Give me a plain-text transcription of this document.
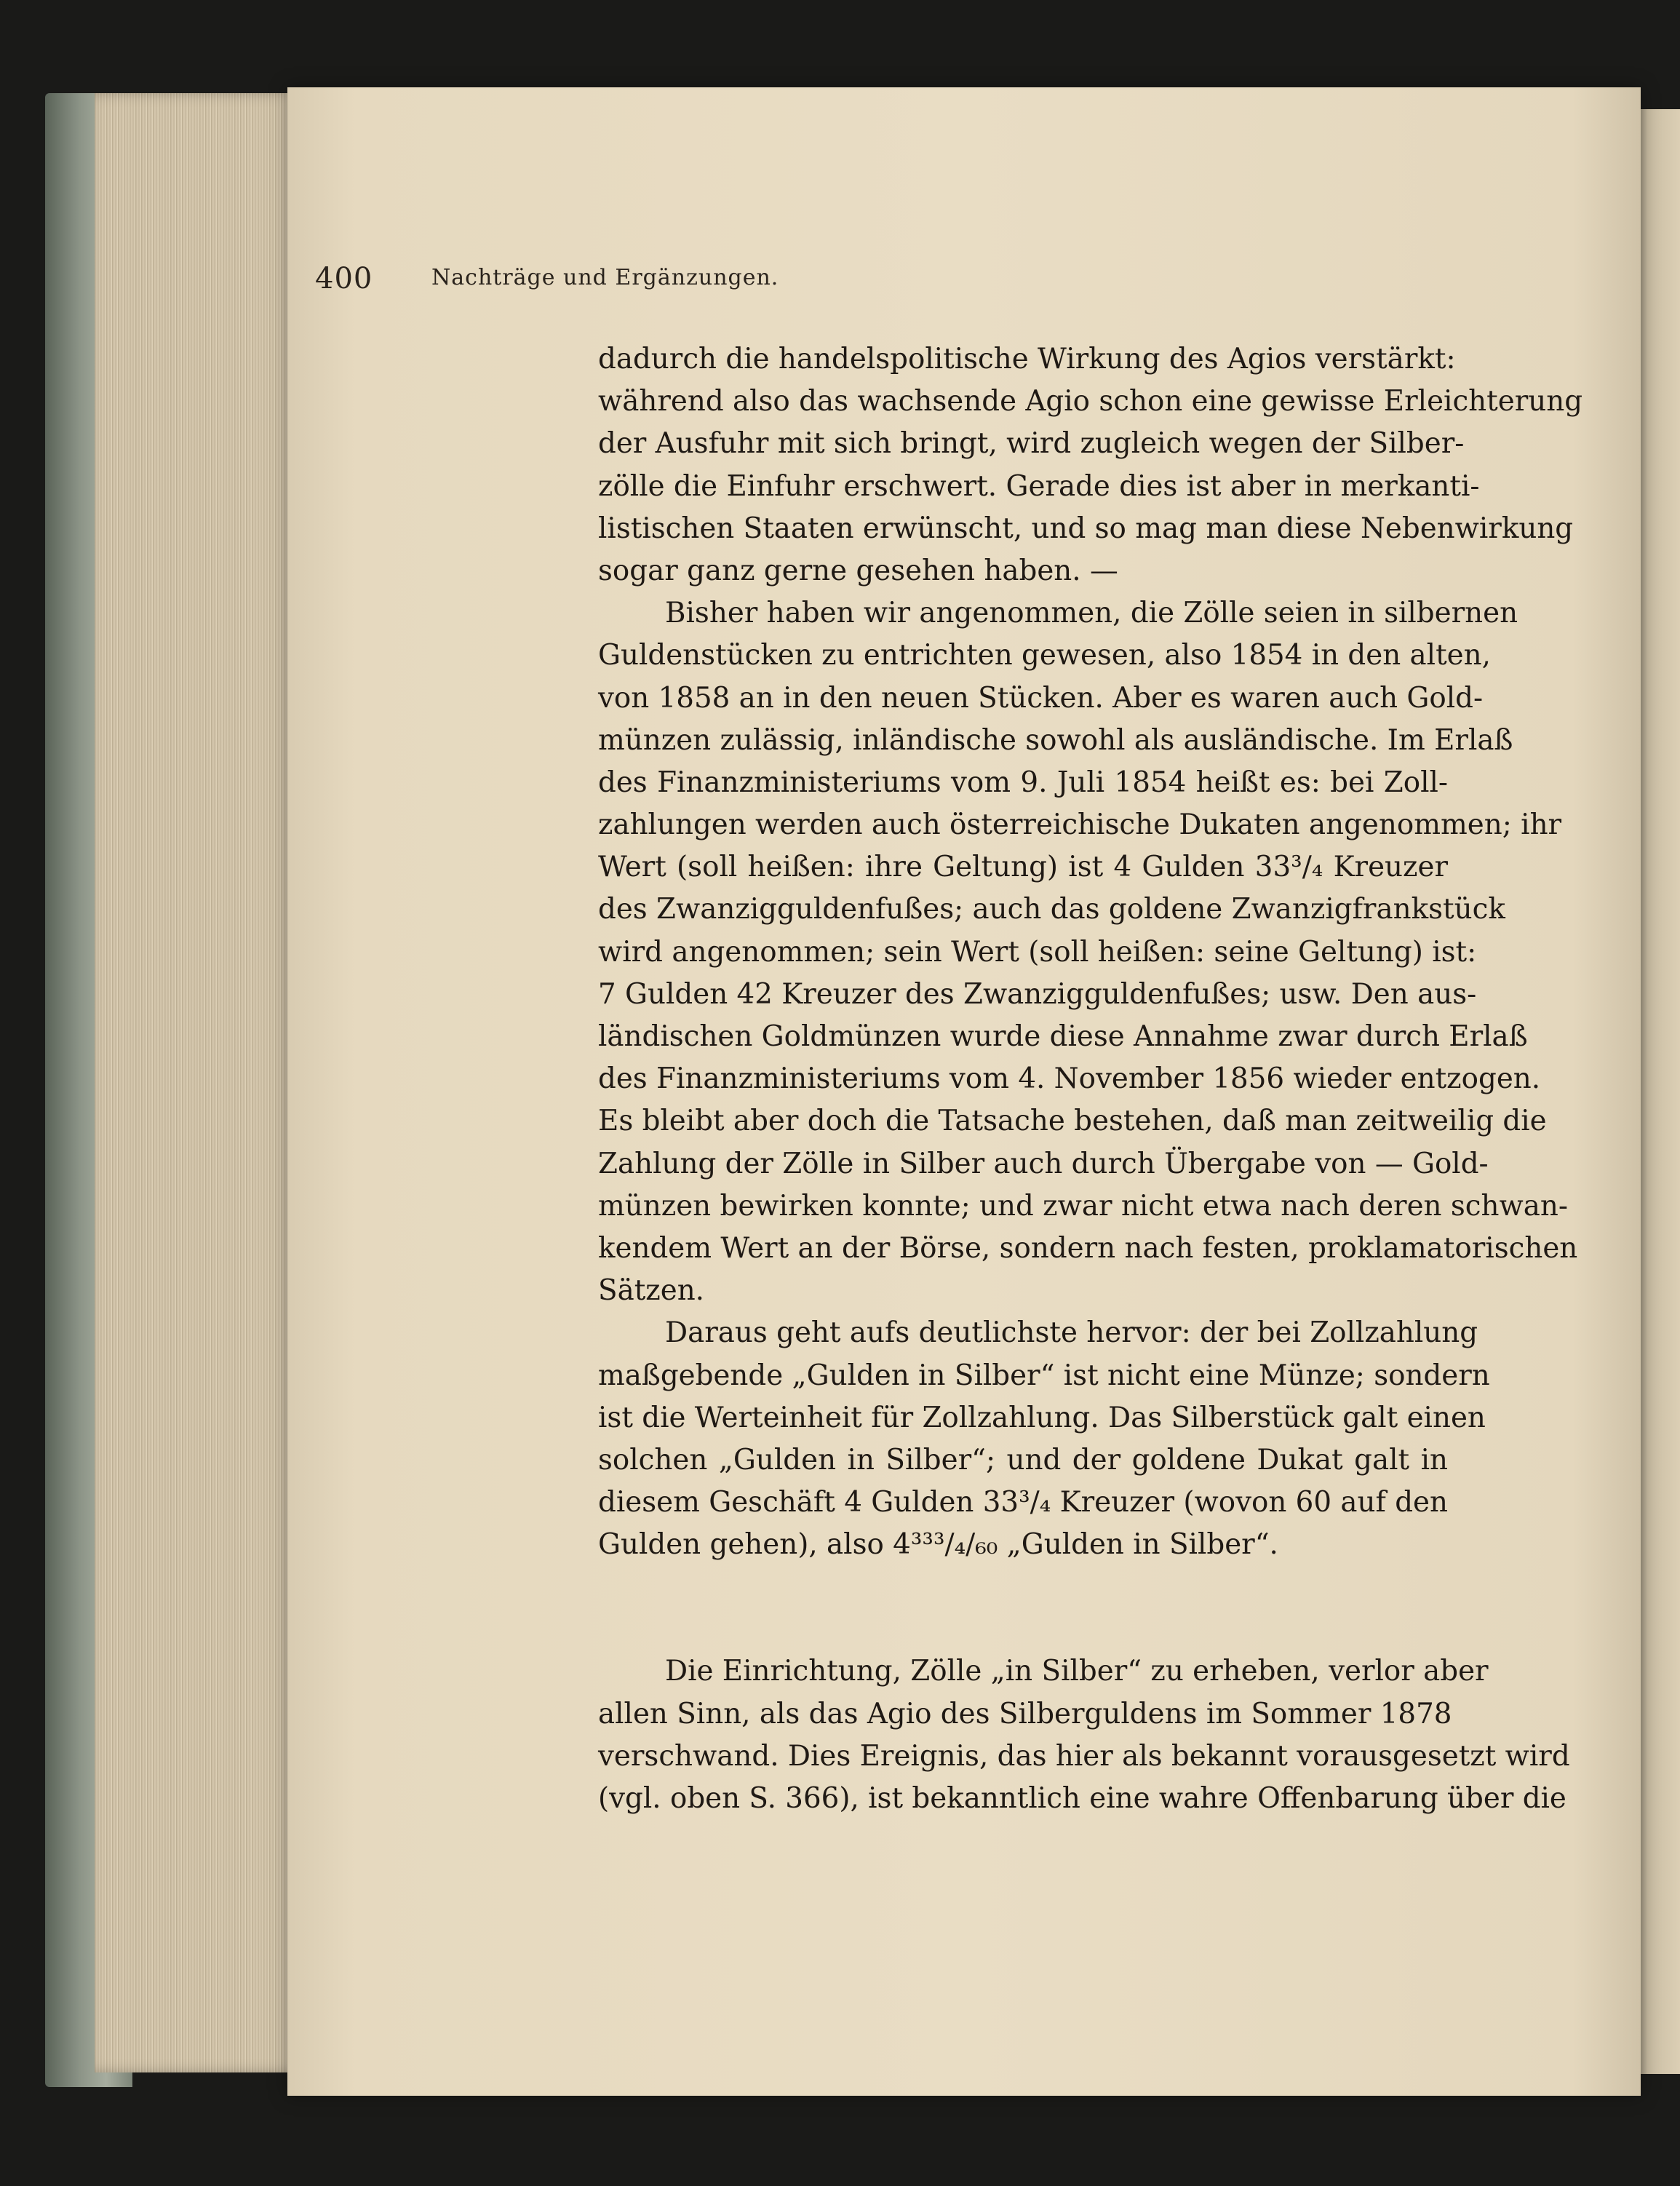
400	Nachträge und Ergänzungen.
dadurch die handelspolitische Wirkung des Agios verstärkt:
während also das wachsende Agio schon eine gewisse Erleichterung
der Ausfuhr mit sich bringt, wird zugleich wegen der Silber-
zölle die Einfuhr erschwert. Gerade dies ist aber in merkanti-
listischen Staaten erwünscht, und so mag man diese Nebenwirkung
sogar ganz gerne gesehen haben. —
Bisher haben wir angenommen, die Zölle seien in silbernen
Guldenstücken zu entrichten gewesen, also 1854 in den alten,
von 1858 an in den neuen Stücken. Aber es waren auch Gold-
münzen zulässig, inländische sowohl als ausländische. Im Erlaß
des Finanzministeriums vom 9. Juli 1854 heißt es: bei Zoll-
zahlungen werden auch österreichische Dukaten angenommen; ihr
Wert (soll heißen: ihre Geltung) ist 4 Gulden 33³/₄ Kreuzer
des Zwanzigguldenfußes; auch das goldene Zwanzigfrankstück
wird angenommen; sein Wert (soll heißen: seine Geltung) ist:
7 Gulden 42 Kreuzer des Zwanzigguldenfußes; usw. Den aus-
ländischen Goldmünzen wurde diese Annahme zwar durch Erlaß
des Finanzministeriums vom 4. November 1856 wieder entzogen.
Es bleibt aber doch die Tatsache bestehen, daß man zeitweilig die
Zahlung der Zölle in Silber auch durch Übergabe von — Gold-
münzen bewirken konnte; und zwar nicht etwa nach deren schwan-
kendem Wert an der Börse, sondern nach festen, proklamatorischen
Sätzen.
Daraus geht aufs deutlichste hervor: der bei Zollzahlung
maßgebende „Gulden in Silber“ ist nicht eine Münze; sondern
ist die Werteinheit für Zollzahlung. Das Silberstück galt einen
solchen „Gulden in Silber“; und der goldene Dukat galt in
diesem Geschäft 4 Gulden 33³/₄ Kreuzer (wovon 60 auf den
Gulden gehen), also 4³³³/₄/₆₀ „Gulden in Silber“.
Die Einrichtung, Zölle „in Silber“ zu erheben, verlor aber
allen Sinn, als das Agio des Silberguldens im Sommer 1878
verschwand. Dies Ereignis, das hier als bekannt vorausgesetzt wird
(vgl. oben S. 366), ist bekanntlich eine wahre Offenbarung über die
